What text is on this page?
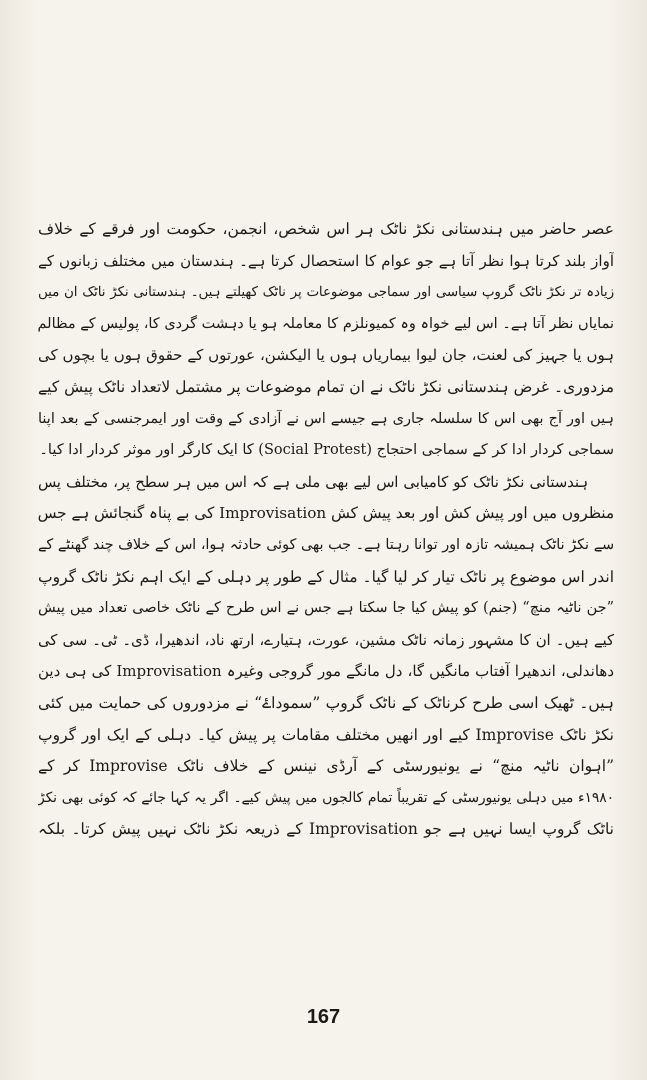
عصر حاضر میں ہندستانی نکڑ ناٹک ہر اس شخص، انجمن، حکومت اور فرقے کے خلاف
آواز بلند کرتا ہوا نظر آتا ہے جو عوام کا استحصال کرتا ہے۔ ہندستان میں مختلف زبانوں کے
زیادہ تر نکڑ ناٹک گروپ سیاسی اور سماجی موضوعات پر ناٹک کھیلتے ہیں۔ ہندستانی نکڑ ناٹک ان میں
نمایاں نظر آتا ہے۔ اس لیے خواہ وہ کمیونلزم کا معاملہ ہو یا دہشت گردی کا، پولیس کے مظالم
ہوں یا جہیز کی لعنت، جان لیوا بیماریاں ہوں یا الیکشن، عورتوں کے حقوق ہوں یا بچوں کی
مزدوری۔ غرض ہندستانی نکڑ ناٹک نے ان تمام موضوعات پر مشتمل لاتعداد ناٹک پیش کیے
ہیں اور آج بھی اس کا سلسلہ جاری ہے جیسے اس نے آزادی کے وقت اور ایمرجنسی کے بعد اپنا
سماجی کردار ادا کر کے سماجی احتجاج (Social Protest) کا ایک کارگر اور موثر کردار ادا کیا۔
ہندستانی نکڑ ناٹک کو کامیابی اس لیے بھی ملی ہے کہ اس میں ہر سطح پر، مختلف پس
منظروں میں اور پیش کش اور بعد پیش کش Improvisation کی بے پناہ گنجائش ہے جس
سے نکڑ ناٹک ہمیشہ تازہ اور توانا رہتا ہے۔ جب بھی کوئی حادثہ ہوا، اس کے خلاف چند گھنٹے کے
اندر اس موضوع پر ناٹک تیار کر لیا گیا۔ مثال کے طور پر دہلی کے ایک اہم نکڑ ناٹک گروپ
”جن ناٹیہ منچ“ (جنم) کو پیش کیا جا سکتا ہے جس نے اس طرح کے ناٹک خاصی تعداد میں پیش
کیے ہیں۔ ان کا مشہور زمانہ ناٹک مشین، عورت، ہتیارے، ارتھ ناد، اندھیرا، ڈی۔ ٹی۔ سی کی
دھاندلی، اندھیرا آفتاب مانگیں گا، دل مانگے مور گروجی وغیرہ Improvisation کی ہی دین
ہیں۔ ٹھیک اسی طرح کرناٹک کے ناٹک گروپ ”سموداۓ“ نے مزدوروں کی حمایت میں کئی
نکڑ ناٹک Improvise کیے اور انھیں مختلف مقامات پر پیش کیا۔ دہلی کے ایک اور گروپ
”اہوان ناٹیہ منچ“ نے یونیورسٹی کے آرڈی نینس کے خلاف ناٹک Improvise کر کے
۱۹۸۰ء میں دہلی یونیورسٹی کے تقریباً تمام کالجوں میں پیش کیے۔ اگر یہ کہا جائے کہ کوئی بھی نکڑ
ناٹک گروپ ایسا نہیں ہے جو Improvisation کے ذریعہ نکڑ ناٹک نہیں پیش کرتا۔ بلکہ
167
